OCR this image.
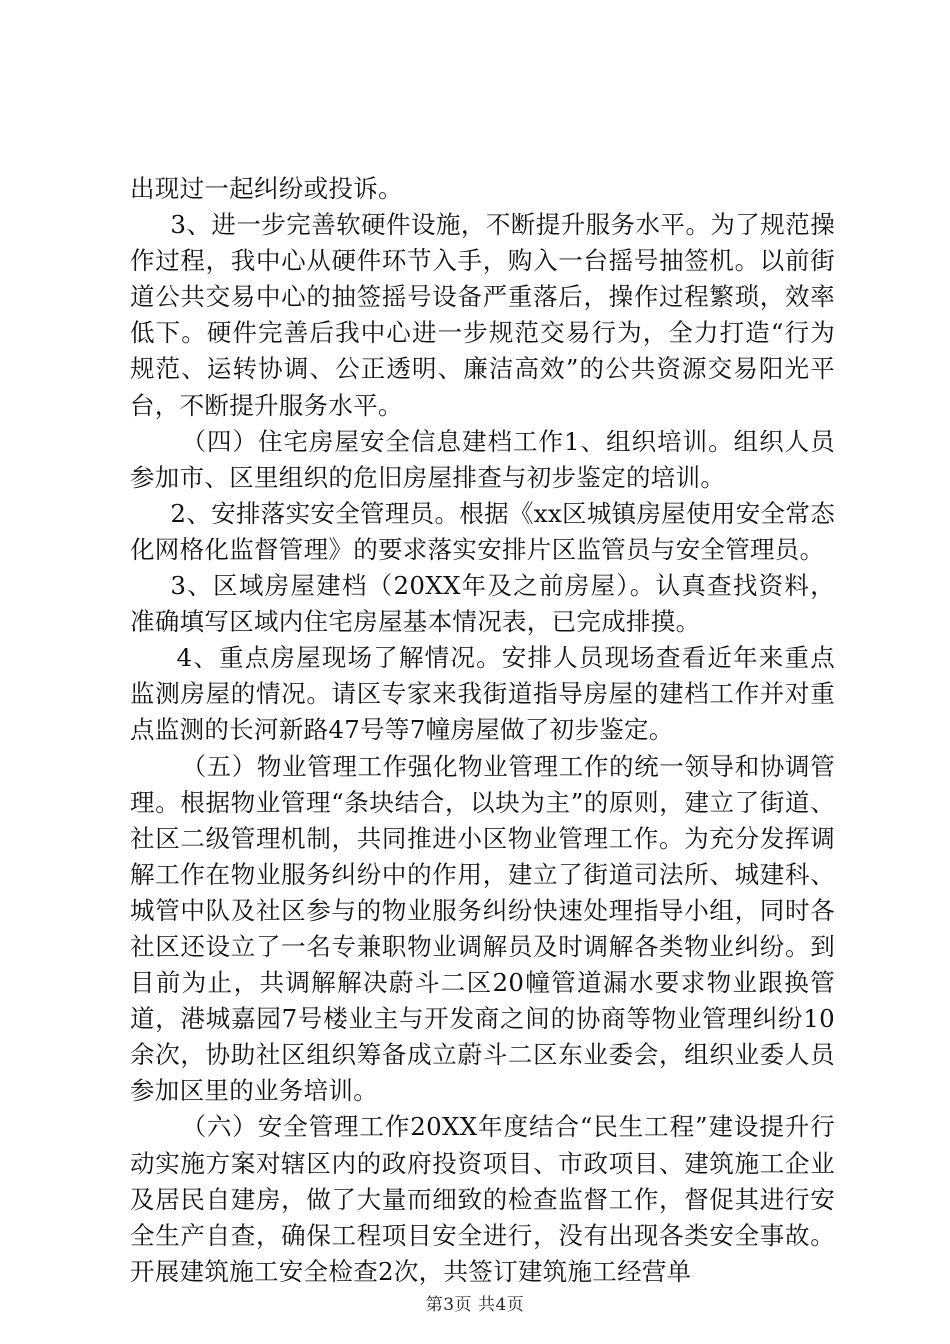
出现过一起纠纷或投诉。

3、进一步完善软硬件设施，不断提升服务水平。为了规范操作过程，我中心从硬件环节入手，购入一台摇号抽签机。以前街道公共交易中心的抽签摇号设备严重落后，操作过程繁琐，效率低下。硬件完善后我中心进一步规范交易行为，全力打造“行为规范、运转协调、公正透明、廉洁高效”的公共资源交易阳光平台，不断提升服务水平。

（四）住宅房屋安全信息建档工作1、组织培训。组织人员参加市、区里组织的危旧房屋排查与初步鉴定的培训。

2、安排落实安全管理员。根据《xx区城镇房屋使用安全常态化网格化监督管理》的要求落实安排片区监管员与安全管理员。

3、区域房屋建档（20XX年及之前房屋）。认真查找资料，准确填写区域内住宅房屋基本情况表，已完成排摸。

4、重点房屋现场了解情况。安排人员现场查看近年来重点监测房屋的情况。请区专家来我街道指导房屋的建档工作并对重点监测的长河新路47号等7幢房屋做了初步鉴定。

（五）物业管理工作强化物业管理工作的统一领导和协调管理。根据物业管理“条块结合，以块为主”的原则，建立了街道、社区二级管理机制，共同推进小区物业管理工作。为充分发挥调解工作在物业服务纠纷中的作用，建立了街道司法所、城建科、城管中队及社区参与的物业服务纠纷快速处理指导小组，同时各社区还设立了一名专兼职物业调解员及时调解各类物业纠纷。到目前为止，共调解解决蔚斗二区20幢管道漏水要求物业跟换管道，港城嘉园7号楼业主与开发商之间的协商等物业管理纠纷10余次，协助社区组织筹备成立蔚斗二区东业委会，组织业委人员参加区里的业务培训。

（六）安全管理工作20XX年度结合“民生工程”建设提升行动实施方案对辖区内的政府投资项目、市政项目、建筑施工企业及居民自建房，做了大量而细致的检查监督工作，督促其进行安全生产自查，确保工程项目安全进行，没有出现各类安全事故。开展建筑施工安全检查2次，共签订建筑施工经营单

第3页 共4页
